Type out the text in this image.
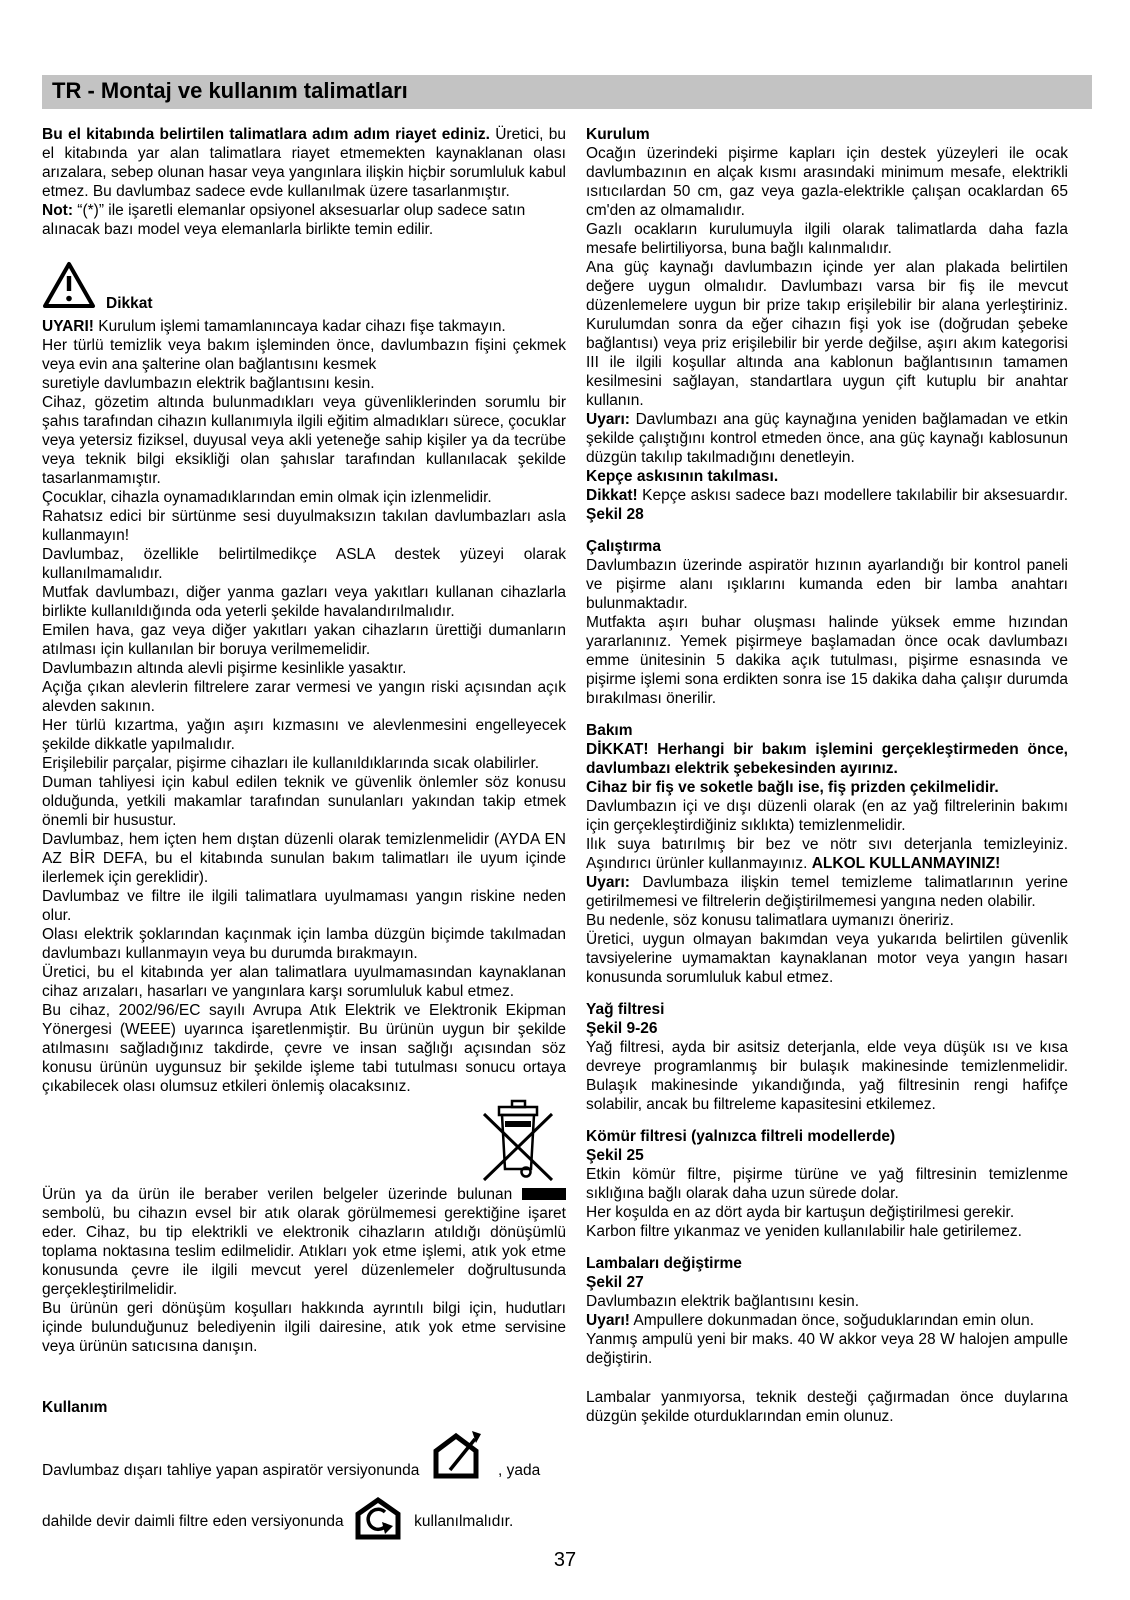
TR - Montaj ve kullanım talimatları

Bu el kitabında belirtilen talimatlara adım adım riayet ediniz. Üretici, bu el kitabında yar alan talimatlara riayet etmemekten kaynaklanan olası arızalara, sebep olunan hasar veya yangınlara ilişkin hiçbir sorumluluk kabul etmez. Bu davlumbaz sadece evde kullanılmak üzere tasarlanmıştır.

Not: “(*)” ile işaretli elemanlar opsiyonel aksesuarlar olup sadece satın alınacak bazı model veya elemanlarla birlikte temin edilir.

Dikkat

UYARI! Kurulum işlemi tamamlanıncaya kadar cihazı fişe takmayın.

Her türlü temizlik veya bakım işleminden önce, davlumbazın fişini çekmek veya evin ana şalterine olan bağlantısını kesmek

suretiyle davlumbazın elektrik bağlantısını kesin.

Cihaz, gözetim altında bulunmadıkları veya güvenliklerinden sorumlu bir şahıs tarafından cihazın kullanımıyla ilgili eğitim almadıkları sürece, çocuklar veya yetersiz fiziksel, duyusal veya akli yeteneğe sahip kişiler ya da tecrübe veya teknik bilgi eksikliği olan şahıslar tarafından kullanılacak şekilde tasarlanmamıştır.

Çocuklar, cihazla oynamadıklarından emin olmak için izlenmelidir.

Rahatsız edici bir sürtünme sesi duyulmaksızın takılan davlumbazları asla kullanmayın!

Davlumbaz, özellikle belirtilmedikçe ASLA destek yüzeyi olarak kullanılmamalıdır.

Mutfak davlumbazı, diğer yanma gazları veya yakıtları kullanan cihazlarla birlikte kullanıldığında oda yeterli şekilde havalandırılmalıdır.

Emilen hava, gaz veya diğer yakıtları yakan cihazların ürettiği dumanların atılması için kullanılan bir boruya verilmemelidir.

Davlumbazın altında alevli pişirme kesinlikle yasaktır.

Açığa çıkan alevlerin filtrelere zarar vermesi ve yangın riski açısından açık alevden sakının.

Her türlü kızartma, yağın aşırı kızmasını ve alevlenmesini engelleyecek şekilde dikkatle yapılmalıdır.

Erişilebilir parçalar, pişirme cihazları ile kullanıldıklarında sıcak olabilirler.

Duman tahliyesi için kabul edilen teknik ve güvenlik önlemler söz konusu olduğunda, yetkili makamlar tarafından sunulanları yakından takip etmek önemli bir husustur.

Davlumbaz, hem içten hem dıştan düzenli olarak temizlenmelidir (AYDA EN AZ BİR DEFA, bu el kitabında sunulan bakım talimatları ile uyum içinde ilerlemek için gereklidir).

Davlumbaz ve filtre ile ilgili talimatlara uyulmaması yangın riskine neden olur.

Olası elektrik şoklarından kaçınmak için lamba düzgün biçimde takılmadan davlumbazı kullanmayın veya bu durumda bırakmayın.

Üretici, bu el kitabında yer alan talimatlara uyulmamasından kaynaklanan cihaz arızaları, hasarları ve yangınlara karşı sorumluluk kabul etmez.

Bu cihaz, 2002/96/EC sayılı Avrupa Atık Elektrik ve Elektronik Ekipman Yönergesi (WEEE) uyarınca işaretlenmiştir. Bu ürünün uygun bir şekilde atılmasını sağladığınız takdirde, çevre ve insan sağlığı açısından söz konusu ürünün uygunsuz bir şekilde işleme tabi tutulması sonucu ortaya çıkabilecek olası olumsuz etkileri önlemiş olacaksınız.

Ürün ya da ürün ile beraber verilen belgeler üzerinde bulunan  sembolü, bu cihazın evsel bir atık olarak görülmemesi gerektiğine işaret eder. Cihaz, bu tip elektrikli ve elektronik cihazların atıldığı dönüşümlü toplama noktasına teslim edilmelidir. Atıkları yok etme işlemi, atık yok etme konusunda çevre ile ilgili mevcut yerel düzenlemeler doğrultusunda gerçekleştirilmelidir.

Bu ürünün geri dönüşüm koşulları hakkında ayrıntılı bilgi için, hudutları içinde bulunduğunuz belediyenin ilgili dairesine, atık yok etme servisine veya ürünün satıcısına danışın.

Kullanım

Davlumbaz dışarı tahliye yapan aspiratör versiyonunda	, yada

dahilde devir daimli filtre eden versiyonunda	kullanılmalıdır.

Kurulum

Ocağın üzerindeki pişirme kapları için destek yüzeyleri ile ocak davlumbazının en alçak kısmı arasındaki minimum mesafe, elektrikli ısıtıcılardan 50 cm, gaz veya gazla-elektrikle çalışan ocaklardan 65 cm'den az olmamalıdır.

Gazlı ocakların kurulumuyla ilgili olarak talimatlarda daha fazla mesafe belirtiliyorsa, buna bağlı kalınmalıdır.

Ana güç kaynağı davlumbazın içinde yer alan plakada belirtilen değere uygun olmalıdır. Davlumbazı varsa bir fiş ile mevcut düzenlemelere uygun bir prize takıp erişilebilir bir alana yerleştiriniz. Kurulumdan sonra da eğer cihazın fişi yok ise (doğrudan şebeke bağlantısı) veya priz erişilebilir bir yerde değilse, aşırı akım kategorisi III ile ilgili koşullar altında ana kablonun bağlantısının tamamen kesilmesini sağlayan, standartlara uygun çift kutuplu bir anahtar kullanın.

Uyarı: Davlumbazı ana güç kaynağına yeniden bağlamadan ve etkin şekilde çalıştığını kontrol etmeden önce, ana güç kaynağı kablosunun düzgün takılıp takılmadığını denetleyin.

Kepçe askısının takılması.

Dikkat! Kepçe askısı sadece bazı modellere takılabilir bir aksesuardır. Şekil 28

Çalıştırma

Davlumbazın üzerinde aspiratör hızının ayarlandığı bir kontrol paneli ve pişirme alanı ışıklarını kumanda eden bir lamba anahtarı bulunmaktadır.

Mutfakta aşırı buhar oluşması halinde yüksek emme hızından yararlanınız. Yemek pişirmeye başlamadan önce ocak davlumbazı emme ünitesinin 5 dakika açık tutulması, pişirme esnasında ve pişirme işlemi sona erdikten sonra ise 15 dakika daha çalışır durumda bırakılması önerilir.

Bakım

DİKKAT! Herhangi bir bakım işlemini gerçekleştirmeden önce, davlumbazı elektrik şebekesinden ayırınız.

Cihaz bir fiş ve soketle bağlı ise, fiş prizden çekilmelidir.

Davlumbazın içi ve dışı düzenli olarak (en az yağ filtrelerinin bakımı için gerçekleştirdiğiniz sıklıkta) temizlenmelidir.

Ilık suya batırılmış bir bez ve nötr sıvı deterjanla temizleyiniz. Aşındırıcı ürünler kullanmayınız. ALKOL KULLANMAYINIZ!

Uyarı: Davlumbaza ilişkin temel temizleme talimatlarının yerine getirilmemesi ve filtrelerin değiştirilmemesi yangına neden olabilir.

Bu nedenle, söz konusu talimatlara uymanızı öneririz.

Üretici, uygun olmayan bakımdan veya yukarıda belirtilen güvenlik tavsiyelerine uymamaktan kaynaklanan motor veya yangın hasarı konusunda sorumluluk kabul etmez.

Yağ filtresi

Şekil 9-26

Yağ filtresi, ayda bir asitsiz deterjanla, elde veya düşük ısı ve kısa devreye programlanmış bir bulaşık makinesinde temizlenmelidir. Bulaşık makinesinde yıkandığında, yağ filtresinin rengi hafifçe solabilir, ancak bu filtreleme kapasitesini etkilemez.

Kömür filtresi (yalnızca filtreli modellerde)

Şekil 25

Etkin kömür filtre, pişirme türüne ve yağ filtresinin temizlenme sıklığına bağlı olarak daha uzun sürede dolar.

Her koşulda en az dört ayda bir kartuşun değiştirilmesi gerekir.

Karbon filtre yıkanmaz ve yeniden kullanılabilir hale getirilemez.

Lambaları değiştirme

Şekil 27

Davlumbazın elektrik bağlantısını kesin.

Uyarı! Ampullere dokunmadan önce, soğuduklarından emin olun.

Yanmış ampulü yeni bir maks. 40 W akkor veya 28 W halojen ampulle değiştirin.

Lambalar yanmıyorsa, teknik desteği çağırmadan önce duylarına düzgün şekilde oturduklarından emin olunuz.

37
